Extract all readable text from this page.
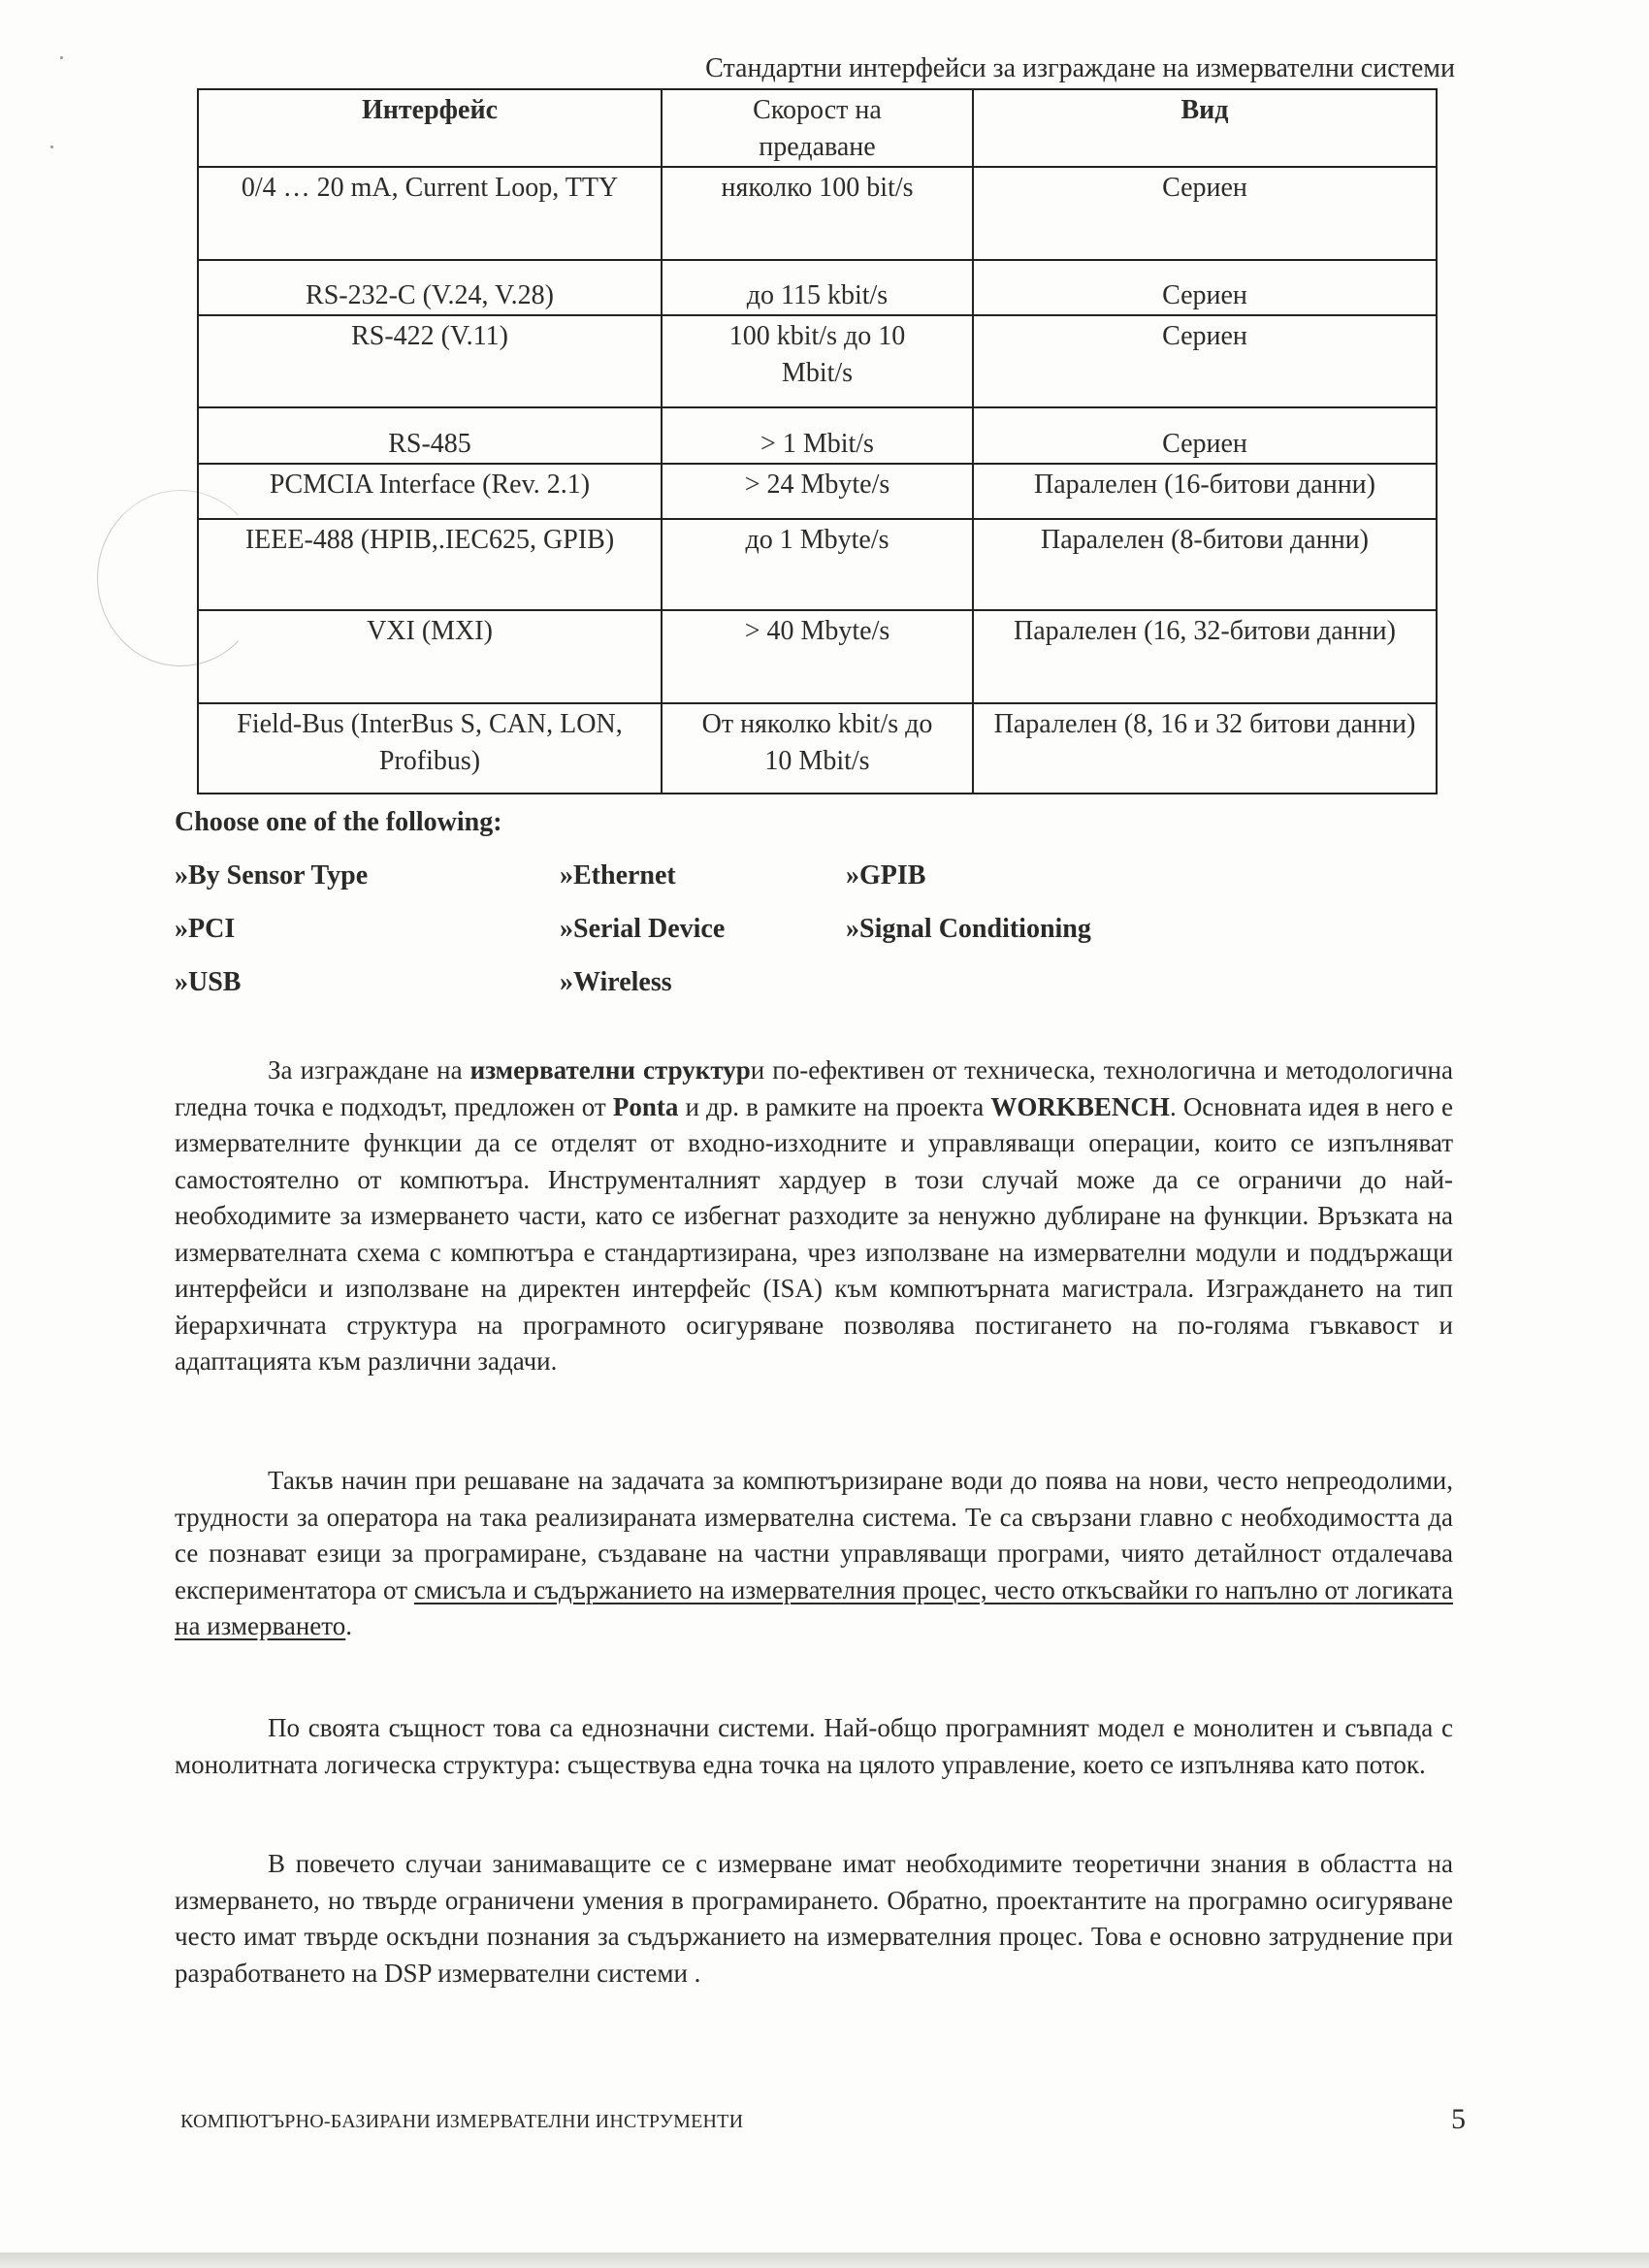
Стандартни интерфейси за изграждане на измервателни системи
Интерфейс	Скорост на предаване	Вид
0/4 … 20 mA, Current Loop, TTY	няколко 100 bit/s	Сериен
RS-232-C (V.24, V.28)	до 115 kbit/s	Сериен
RS-422 (V.11)	100 kbit/s до 10 Mbit/s	Сериен
RS-485	> 1 Mbit/s	Сериен
PCMCIA Interface (Rev. 2.1)	> 24 Mbyte/s	Паралелен (16-битови данни)
IEEE-488 (HPIB,.IEC625, GPIB)	до 1 Mbyte/s	Паралелен (8-битови данни)
VXI (MXI)	> 40 Mbyte/s	Паралелен (16, 32-битови данни)
Field-Bus (InterBus S, CAN, LON, Profibus)	От няколко kbit/s до 10 Mbit/s	Паралелен (8, 16 и 32 битови данни)
Choose one of the following:
»By Sensor Type	»Ethernet	»GPIB
»PCI	»Serial Device	»Signal Conditioning
»USB	»Wireless

За изграждане на измервателни структури по-ефективен от техническа, технологична и методологична гледна точка е подходът, предложен от Ponta и др. в рамките на проекта WORKBENCH. Основната идея в него е измервателните функции да се отделят от входно-изходните и управляващи операции, които се изпълняват самостоятелно от компютъра. Инструменталният хардуер в този случай може да се ограничи до най-необходимите за измерването части, като се избегнат разходите за ненужно дублиране на функции. Връзката на измервателната схема с компютъра е стандартизирана, чрез използване на измервателни модули и поддържащи интерфейси и използване на директен интерфейс (ISA) към компютърната магистрала. Изграждането на тип йерархичната структура на програмното осигуряване позволява постигането на по-голяма гъвкавост и адаптацията към различни задачи.

Такъв начин при решаване на задачата за компютъризиране води до поява на нови, често непреодолими, трудности за оператора на така реализираната измервателна система. Те са свързани главно с необходимостта да се познават езици за програмиране, създаване на частни управляващи програми, чиято детайлност отдалечава експериментатора от смисъла и съдържанието на измервателния процес, често откъсвайки го напълно от логиката на измерването.

По своята същност това са еднозначни системи. Най-общо програмният модел е монолитен и съвпада с монолитната логическа структура: съществува една точка на цялото управление, което се изпълнява като поток.

В повечето случаи занимаващите се с измерване имат необходимите теоретични знания в областта на измерването, но твърде ограничени умения в програмирането. Обратно, проектантите на програмно осигуряване често имат твърде оскъдни познания за съдържанието на измервателния процес. Това е основно затруднение при разработването на DSP измервателни системи .

КОМПЮТЪРНО-БАЗИРАНИ ИЗМЕРВАТЕЛНИ ИНСТРУМЕНТИ	5
